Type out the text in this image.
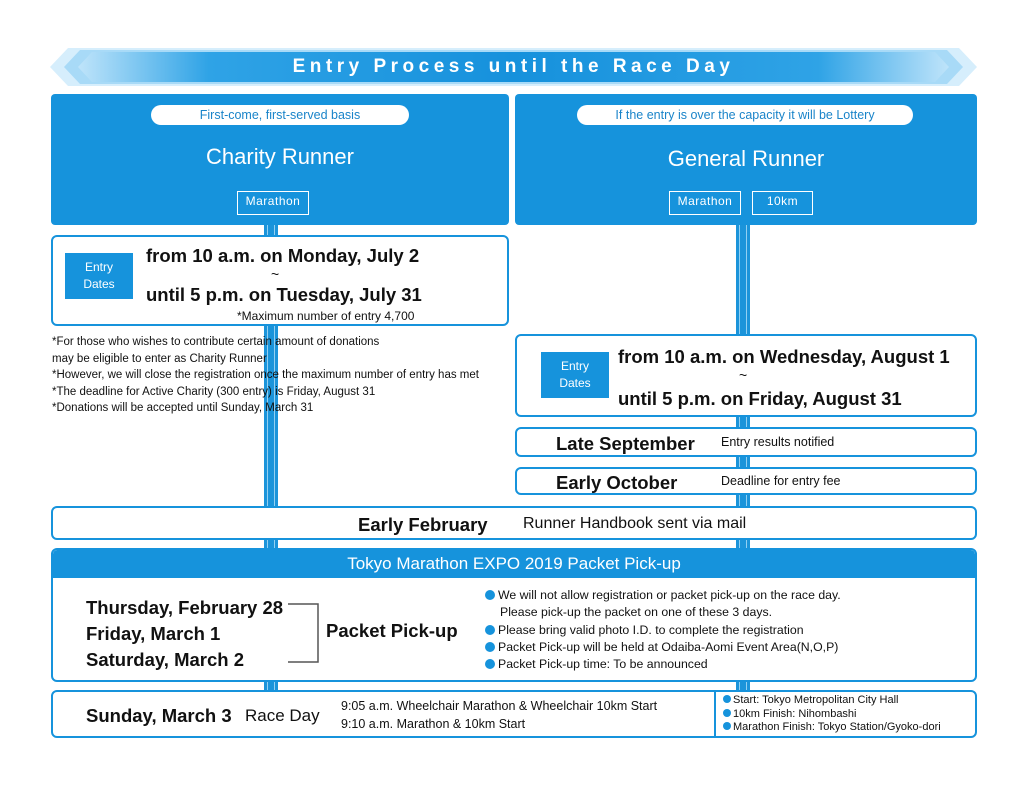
Entry Process until the Race Day
First-come, first-served basis
Charity Runner
Marathon
Entry
Dates
from 10 a.m. on Monday, July 2
~
until 5 p.m. on Tuesday, July 31
*Maximum number of entry 4,700
*For those who wishes to contribute certain amount of donations
may be eligible to enter as Charity Runner
*However, we will close the registration once the maximum number of entry has met
*The deadline for Active Charity (300 entry) is Friday, August 31
*Donations will be accepted until Sunday, March 31
If the entry is over the capacity it will be Lottery
General Runner
Marathon	10km
Entry
Dates
from 10 a.m. on Wednesday, August 1
~
until 5 p.m. on Friday, August 31
Late September Entry results notified
Early October	Deadline for entry fee
Early February Runner Handbook sent via mail
Tokyo Marathon EXPO 2019 Packet Pick-up
Thursday, February 28
Friday, March 1
Saturday, March 2
Packet Pick-up
We will not allow registration or packet pick-up on the race day.
Please pick-up the packet on one of these 3 days.
Please bring valid photo I.D. to complete the registration
Packet Pick-up will be held at Odaiba-Aomi Event Area(N,O,P)
Packet Pick-up time: To be announced
Sunday, March 3 Race Day 9:05 a.m. Wheelchair Marathon & Wheelchair 10km Start
9:10 a.m. Marathon & 10km Start
Start: Tokyo Metropolitan City Hall
10km Finish: Nihombashi
Marathon Finish: Tokyo Station/Gyoko-dori
